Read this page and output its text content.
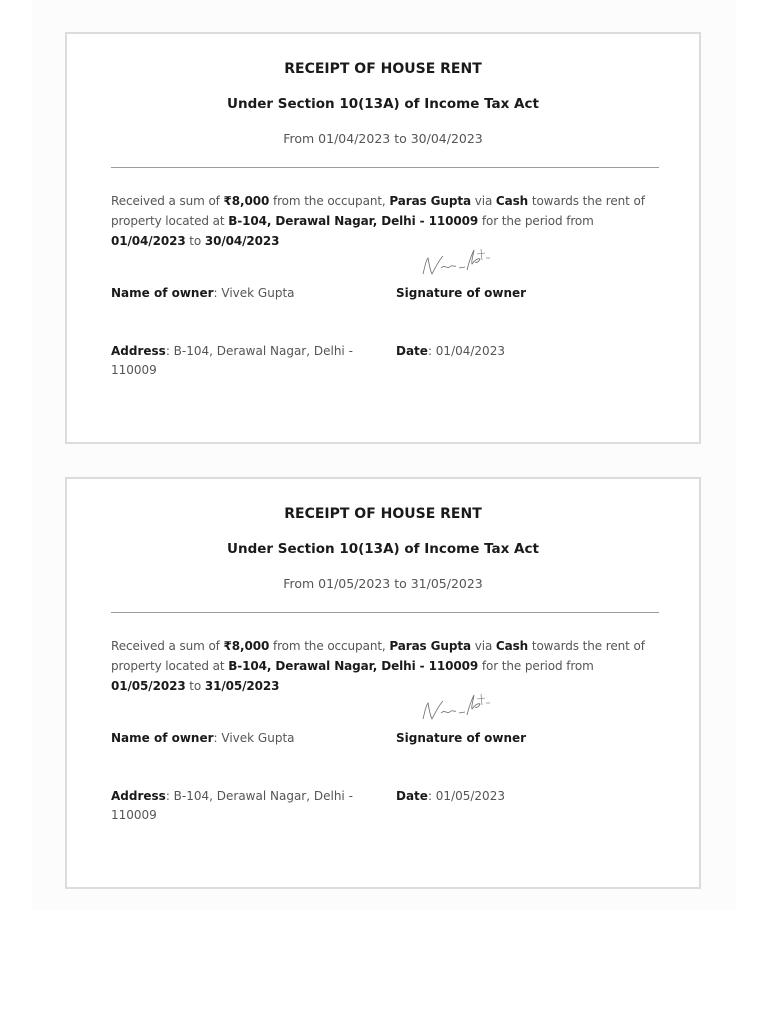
RECEIPT OF HOUSE RENT
Under Section 10(13A) of Income Tax Act
From 01/04/2023 to 30/04/2023
Received a sum of ₹8,000 from the occupant, Paras Gupta via Cash towards the rent of property located at B-104, Derawal Nagar, Delhi - 110009 for the period from 01/04/2023 to 30/04/2023
Name of owner: Vivek Gupta	Signature of owner
Address: B-104, Derawal Nagar, Delhi - 110009
Date: 01/04/2023
RECEIPT OF HOUSE RENT
Under Section 10(13A) of Income Tax Act
From 01/05/2023 to 31/05/2023
Received a sum of ₹8,000 from the occupant, Paras Gupta via Cash towards the rent of property located at B-104, Derawal Nagar, Delhi - 110009 for the period from 01/05/2023 to 31/05/2023
Name of owner: Vivek Gupta	Signature of owner
Address: B-104, Derawal Nagar, Delhi - 110009
Date: 01/05/2023
